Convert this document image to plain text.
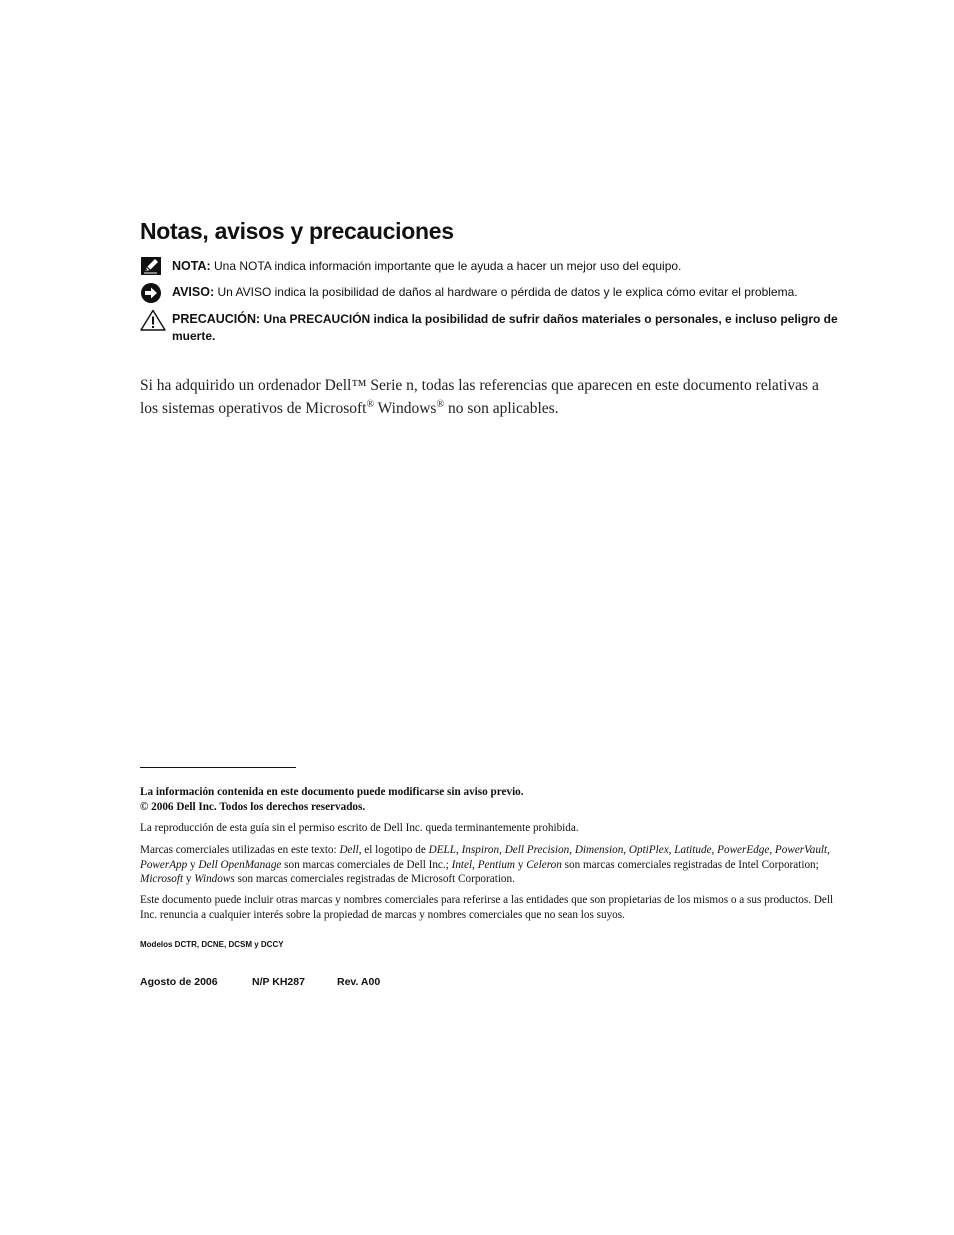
Notas, avisos y precauciones
NOTA: Una NOTA indica información importante que le ayuda a hacer un mejor uso del equipo.
AVISO: Un AVISO indica la posibilidad de daños al hardware o pérdida de datos y le explica cómo evitar el problema.
PRECAUCIÓN: Una PRECAUCIÓN indica la posibilidad de sufrir daños materiales o personales, e incluso peligro de muerte.

Si ha adquirido un ordenador Dell™ Serie n, todas las referencias que aparecen en este documento relativas a los sistemas operativos de Microsoft® Windows® no son aplicables.

La información contenida en este documento puede modificarse sin aviso previo.
© 2006 Dell Inc. Todos los derechos reservados.

La reproducción de esta guía sin el permiso escrito de Dell Inc. queda terminantemente prohibida.

Marcas comerciales utilizadas en este texto: Dell, el logotipo de DELL, Inspiron, Dell Precision, Dimension, OptiPlex, Latitude, PowerEdge, PowerVault, PowerApp y Dell OpenManage son marcas comerciales de Dell Inc.; Intel, Pentium y Celeron son marcas comerciales registradas de Intel Corporation; Microsoft y Windows son marcas comerciales registradas de Microsoft Corporation.

Este documento puede incluir otras marcas y nombres comerciales para referirse a las entidades que son propietarias de los mismos o a sus productos. Dell Inc. renuncia a cualquier interés sobre la propiedad de marcas y nombres comerciales que no sean los suyos.

Modelos DCTR, DCNE, DCSM y DCCY

Agosto de 2006	N/P KH287	Rev. A00
